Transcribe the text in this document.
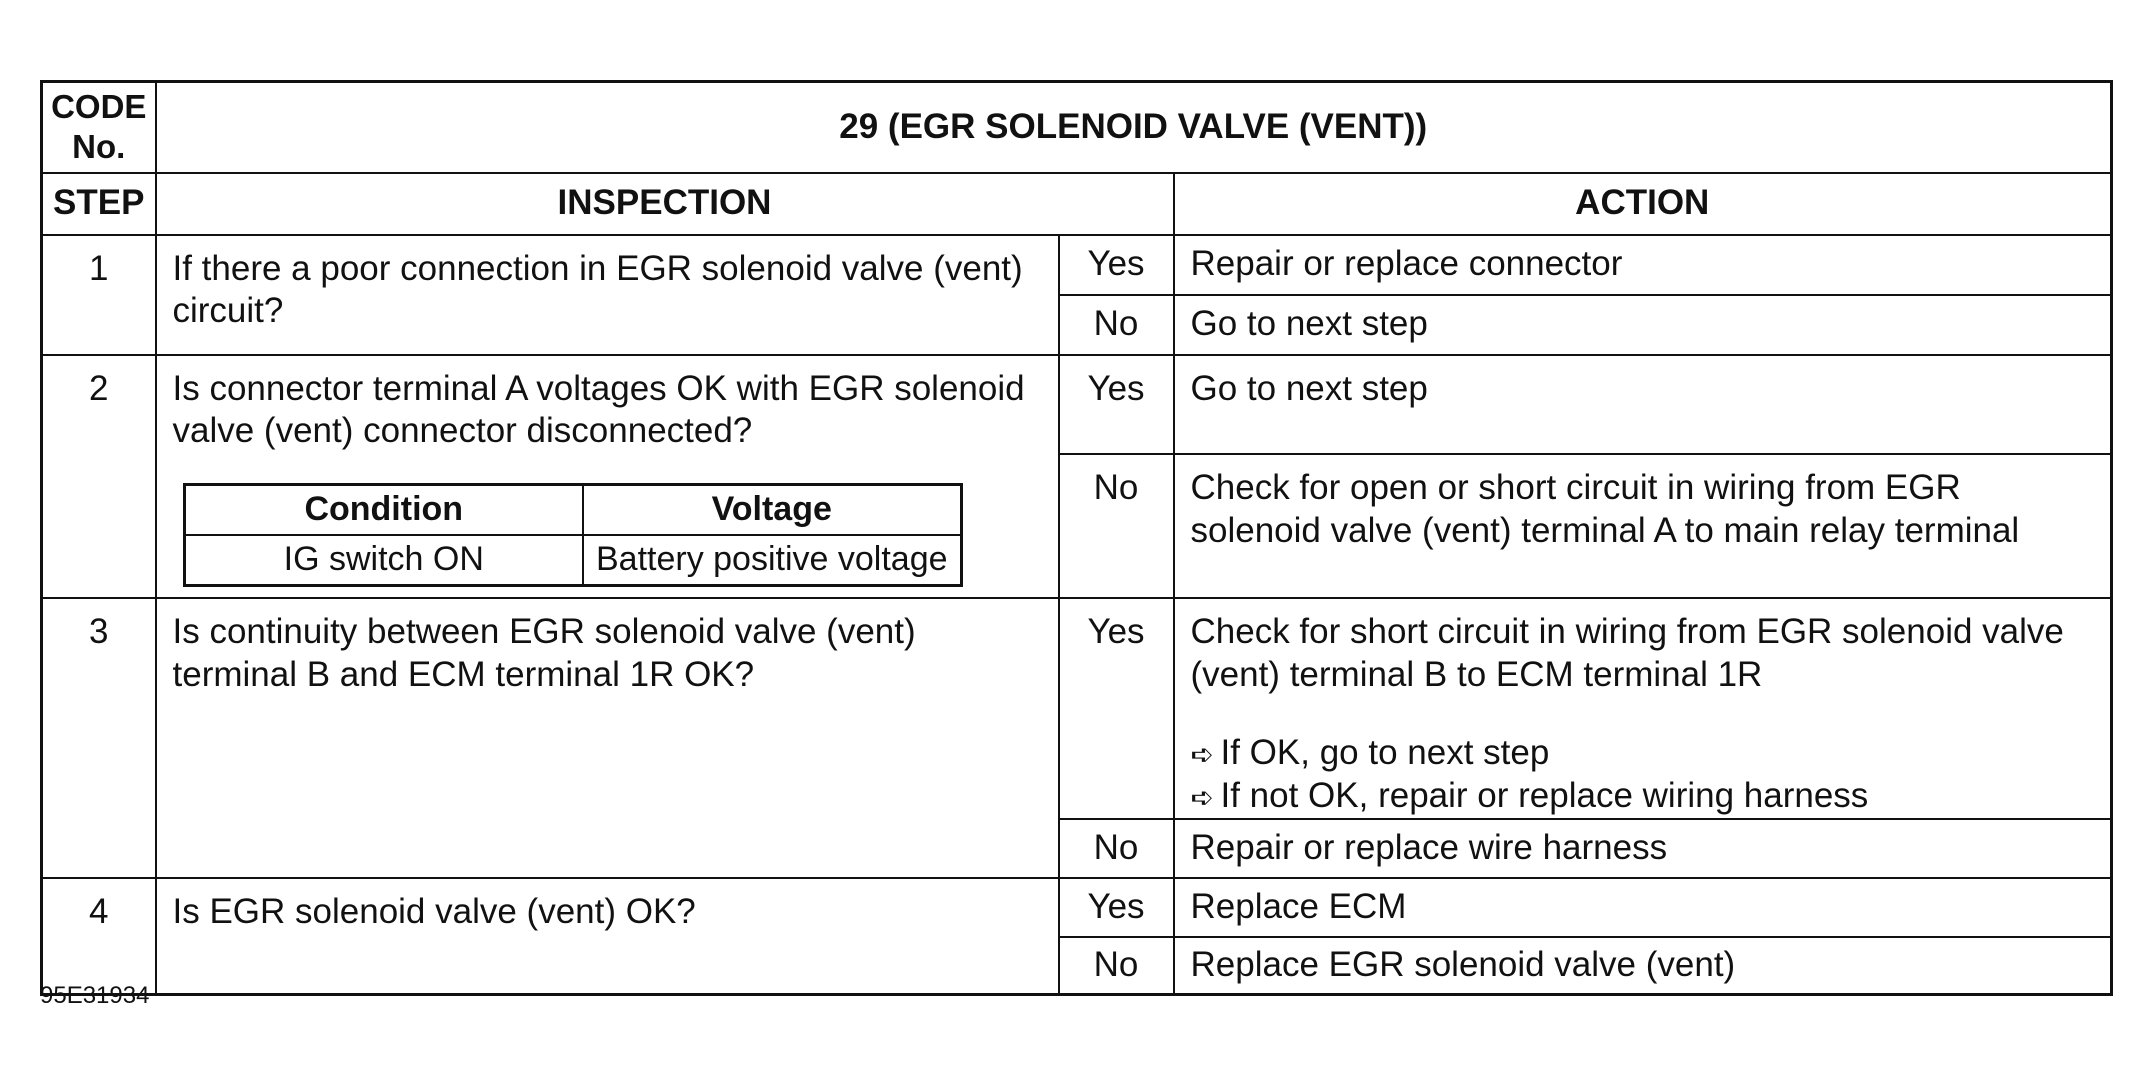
CODE No.	29 (EGR SOLENOID VALVE (VENT))
STEP	INSPECTION	ACTION
1	If there a poor connection in EGR solenoid valve (vent) circuit?	Yes	Repair or replace connector
No	Go to next step
2	Is connector terminal A voltages OK with EGR solenoid valve (vent) connector disconnected?
Condition	Voltage
IG switch ON	Battery positive voltage
	Yes	Go to next step
No	Check for open or short circuit in wiring from EGR solenoid valve (vent) terminal A to main relay terminal
3	Is continuity between EGR solenoid valve (vent) terminal B and ECM terminal 1R OK?	Yes	Check for short circuit in wiring from EGR solenoid valve (vent) terminal B to ECM terminal 1R
➪ If OK, go to next step
➪ If not OK, repair or replace wiring harness

No	Repair or replace wire harness
4	Is EGR solenoid valve (vent) OK?	Yes	Replace ECM
No	Replace EGR solenoid valve (vent)
95E31934
